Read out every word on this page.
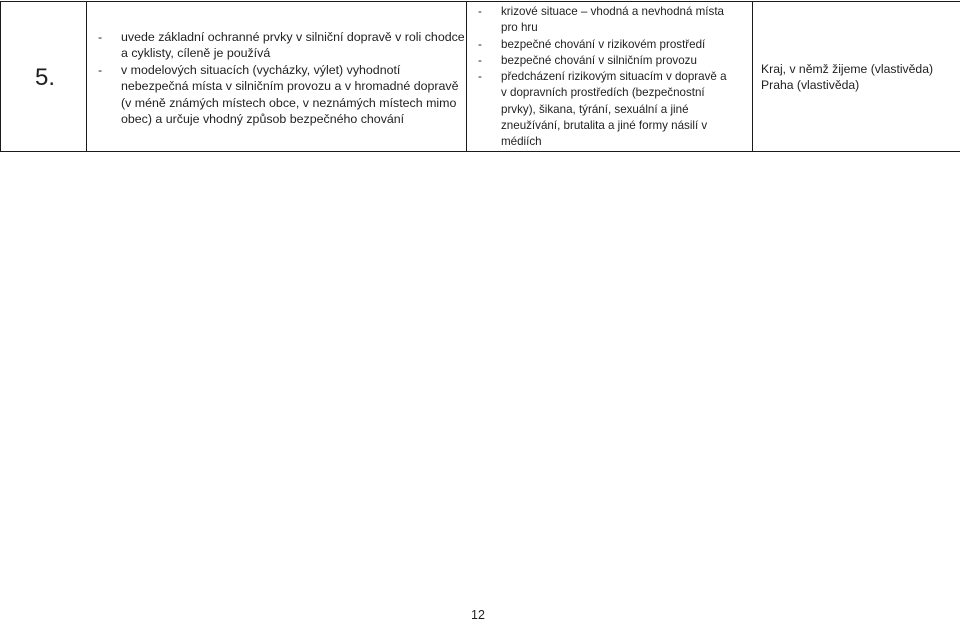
5.

- uvede základní ochranné prvky v silniční dopravě v roli chodce
a cyklisty, cíleně je používá
- v modelových situacích (vycházky, výlet) vyhodnotí
nebezpečná místa v silničním provozu a v hromadné dopravě
(v méně známých místech obce, v neznámých místech mimo
obec) a určuje vhodný způsob bezpečného chování

- krizové situace – vhodná a nevhodná místa
pro hru
- bezpečné chování v rizikovém prostředí
- bezpečné chování v silničním provozu
- předcházení rizikovým situacím v dopravě a
v dopravních prostředích (bezpečnostní
prvky), šikana, týrání, sexuální a jiné
zneužívání, brutalita a jiné formy násilí v
médiích

Kraj, v němž žijeme (vlastivěda)
Praha (vlastivěda)
12
